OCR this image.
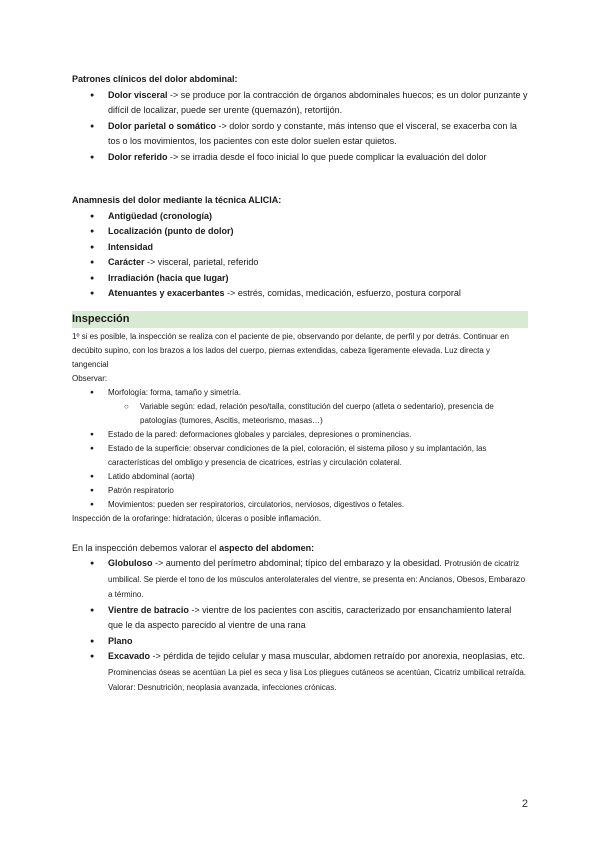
Patrones clínicos del dolor abdominal:

● Dolor visceral -> se produce por la contracción de órganos abdominales huecos; es un dolor punzante y difícil de localizar, puede ser urente (quemazón), retortijón.
● Dolor parietal o somático -> dolor sordo y constante, más intenso que el visceral, se exacerba con la tos o los movimientos, los pacientes con este dolor suelen estar quietos.
● Dolor referido -> se irradia desde el foco inicial lo que puede complicar la evaluación del dolor

Anamnesis del dolor mediante la técnica ALICIA:

● Antigüedad (cronología)
● Localización (punto de dolor)
● Intensidad
● Carácter -> visceral, parietal, referido
● Irradiación (hacia que lugar)
● Atenuantes y exacerbantes -> estrés, comidas, medicación, esfuerzo, postura corporal

Inspección

1º si es posible, la inspección se realiza con el paciente de pie, observando por delante, de perfil y por detrás. Continuar en decúbito supino, con los brazos a los lados del cuerpo, piernas extendidas, cabeza ligeramente elevada. Luz directa y tangencial

Observar:

● Morfología: forma, tamaño y simetría.
○ Variable según: edad, relación peso/talla, constitución del cuerpo (atleta o sedentario), presencia de patologías (tumores, Ascitis, meteorismo, masas…)
● Estado de la pared: deformaciones globales y parciales, depresiones o prominencias.
● Estado de la superficie: observar condiciones de la piel, coloración, el sistema piloso y su implantación, las características del ombligo y presencia de cicatrices, estrías y circulación colateral.
● Latido abdominal (aorta)
● Patrón respiratorio
● Movimientos: pueden ser respiratorios, circulatorios, nerviosos, digestivos o fetales.

Inspección de la orofaringe: hidratación, úlceras o posible inflamación.

En la inspección debemos valorar el aspecto del abdomen:

● Globuloso -> aumento del perímetro abdominal; típico del embarazo y la obesidad. Protrusión de cicatriz umbilical. Se pierde el tono de los músculos anterolaterales del vientre, se presenta en: Ancianos, Obesos, Embarazo a término.
● Vientre de batracio -> vientre de los pacientes con ascitis, caracterizado por ensanchamiento lateral que le da aspecto parecido al vientre de una rana
● Plano
● Excavado -> pérdida de tejido celular y masa muscular, abdomen retraído por anorexia, neoplasias, etc. Prominencias óseas se acentúan La piel es seca y lisa Los pliegues cutáneos se acentúan, Cicatriz umbilical retraída. Valorar: Desnutrición, neoplasia avanzada, infecciones crónicas.
2
